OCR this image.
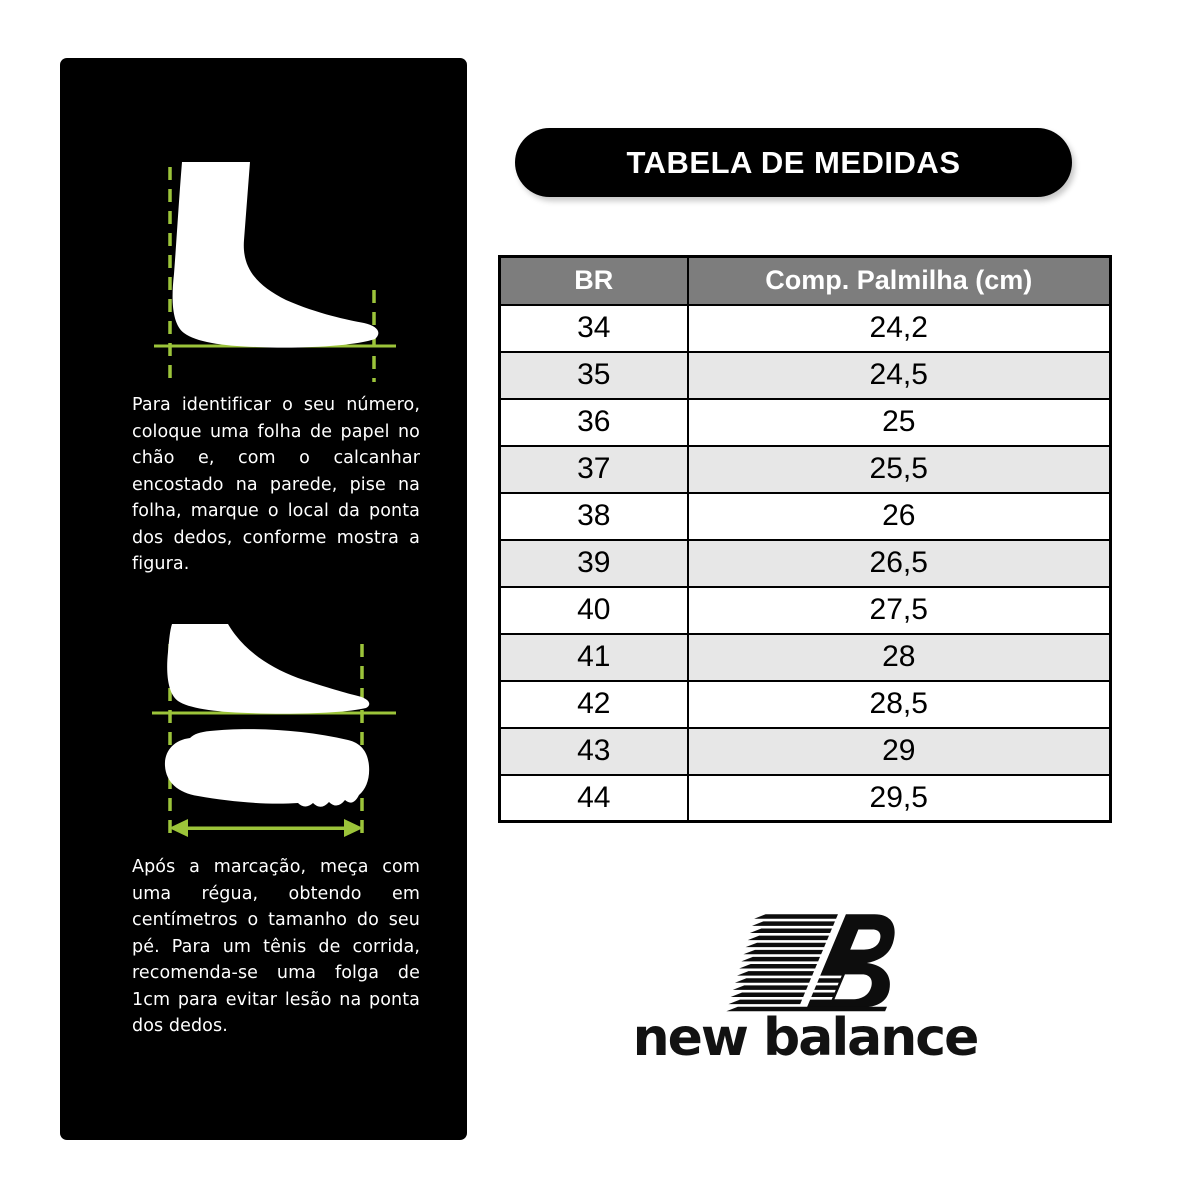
Para identificar o seu número, coloque uma folha de papel no chão e, com o calcanhar encostado na parede, pise na folha, marque o local da ponta dos dedos, conforme mostra a figura.

Após a marcação, meça com uma régua, obtendo em centímetros o tamanho do seu pé. Para um tênis de corrida, recomenda-se uma folga de 1cm para evitar lesão na ponta dos dedos.

TABELA DE MEDIDAS
BR	Comp. Palmilha (cm)
34	24,2
35	24,5
36	25
37	25,5
38	26
39	26,5
40	27,5
41	28
42	28,5
43	29
44	29,5
new balance
